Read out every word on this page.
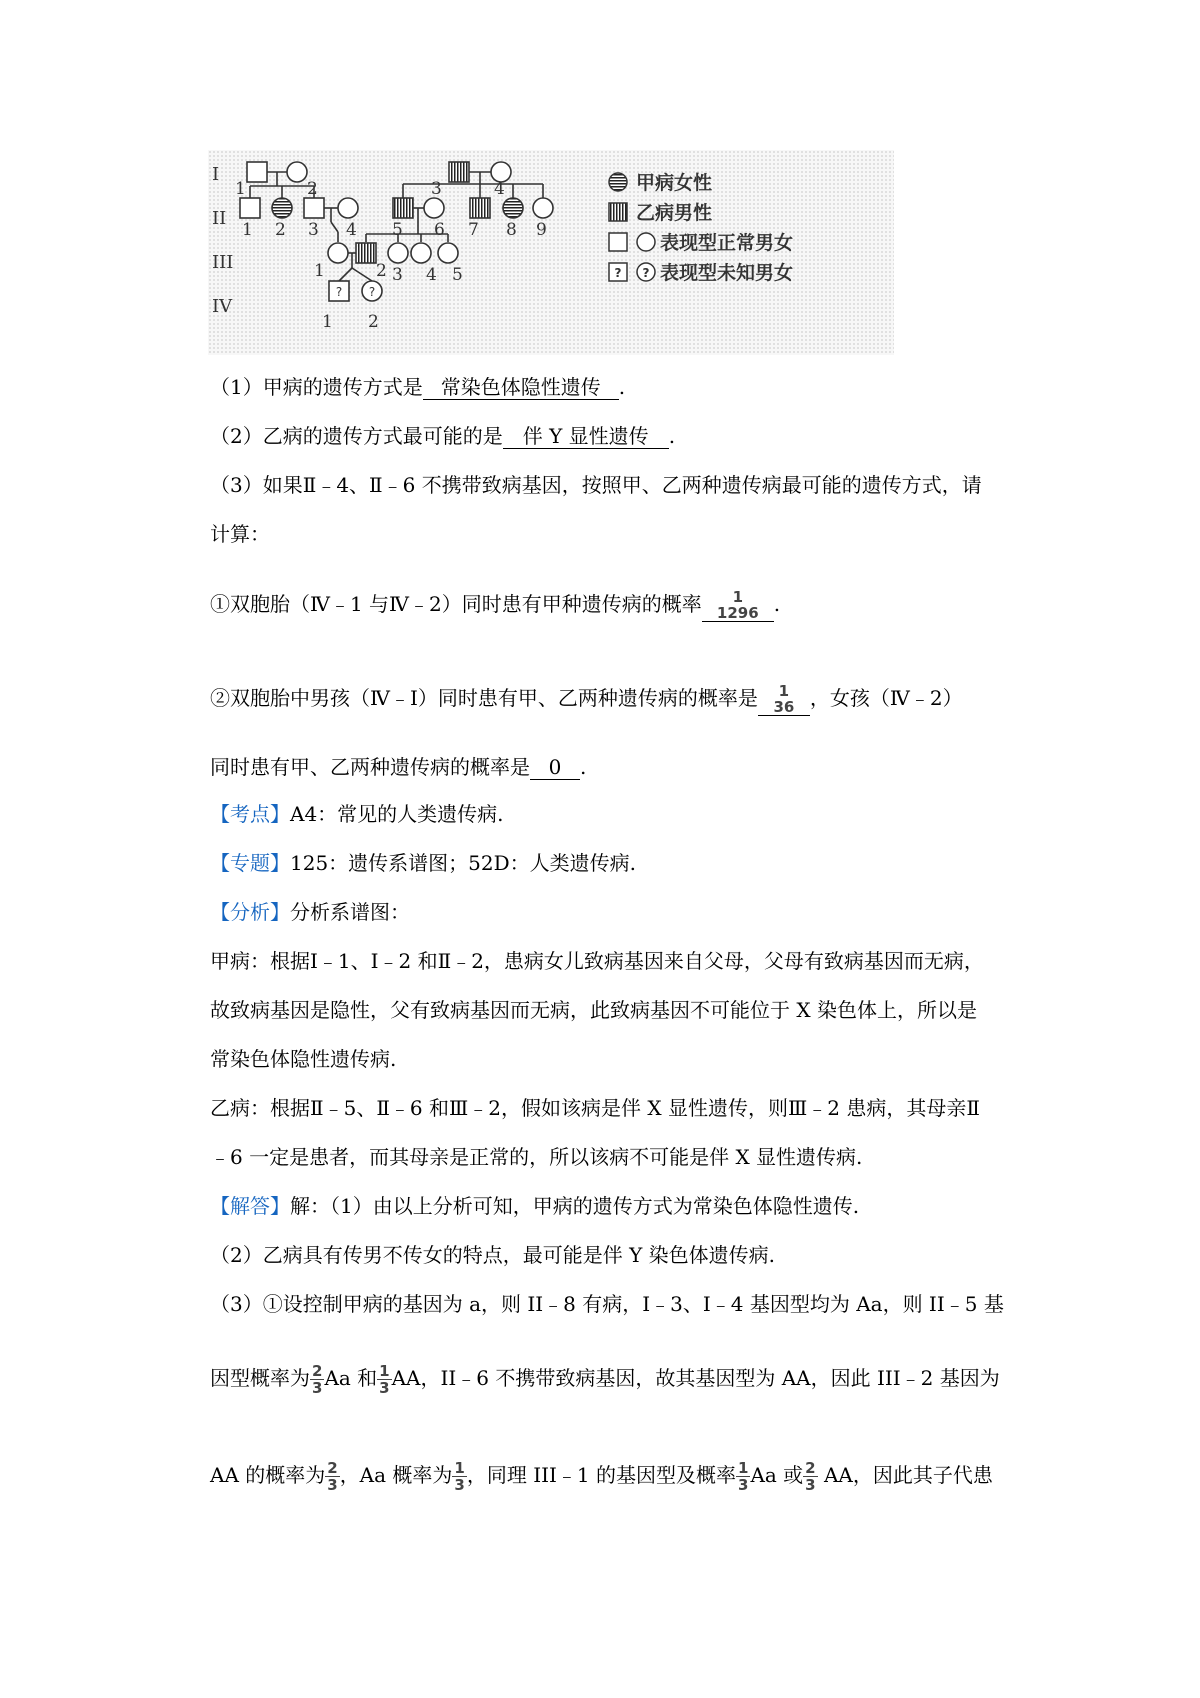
I
II
III
IV
? ?
1	2	3	4
1 2 3 4 5 6 7 8 9
1	2 3 4 5
1 2
甲病女性
乙病男性
表现型正常男女
? ? 表现型未知男女
（1）甲病的遗传方式是 常染色体隐性遗传 .
（2）乙病的遗传方式最可能的是 伴 Y 显性遗传 .
（3）如果Ⅱ﹣4、Ⅱ﹣6 不携带致病基因，按照甲、乙两种遗传病最可能的遗传方式，请
计算：
①双胞胎（Ⅳ﹣1 与Ⅳ﹣2）同时患有甲种遗传病的概率	1
1296 .
②双胞胎中男孩（Ⅳ﹣I）同时患有甲、乙两种遗传病的概率是	1
36 ，女孩（Ⅳ﹣2）
同时患有甲、乙两种遗传病的概率是 0 .
【考点】A4：常见的人类遗传病.
【专题】125：遗传系谱图；52D：人类遗传病.
【分析】分析系谱图：
甲病：根据Ⅰ﹣1、Ⅰ﹣2 和Ⅱ﹣2，患病女儿致病基因来自父母，父母有致病基因而无病，
故致病基因是隐性，父有致病基因而无病，此致病基因不可能位于 X 染色体上，所以是
常染色体隐性遗传病.
乙病：根据Ⅱ﹣5、Ⅱ﹣6 和Ⅲ﹣2，假如该病是伴 X 显性遗传，则Ⅲ﹣2 患病，其母亲Ⅱ
﹣6 一定是患者，而其母亲是正常的，所以该病不可能是伴 X 显性遗传病.
【解答】解：（1）由以上分析可知，甲病的遗传方式为常染色体隐性遗传.
（2）乙病具有传男不传女的特点，最可能是伴 Y 染色体遗传病.
（3）①设控制甲病的基因为 a，则 II﹣8 有病，I﹣3、I﹣4 基因型均为 Aa，则 II﹣5 基
因型概率为 $\frac{2}{3}$ Aa 和 $\frac{1}{3}$ AA，II﹣6 不携带致病基因，故其基因型为 AA，因此 III﹣2 基因为
AA 的概率为 $\frac{2}{3}$ ，Aa 概率为 $\frac{1}{3}$ ，同理 III﹣1 的基因型及概率 $\frac{1}{3}$ Aa 或 $\frac{2}{3}$ AA，因此其子代患
